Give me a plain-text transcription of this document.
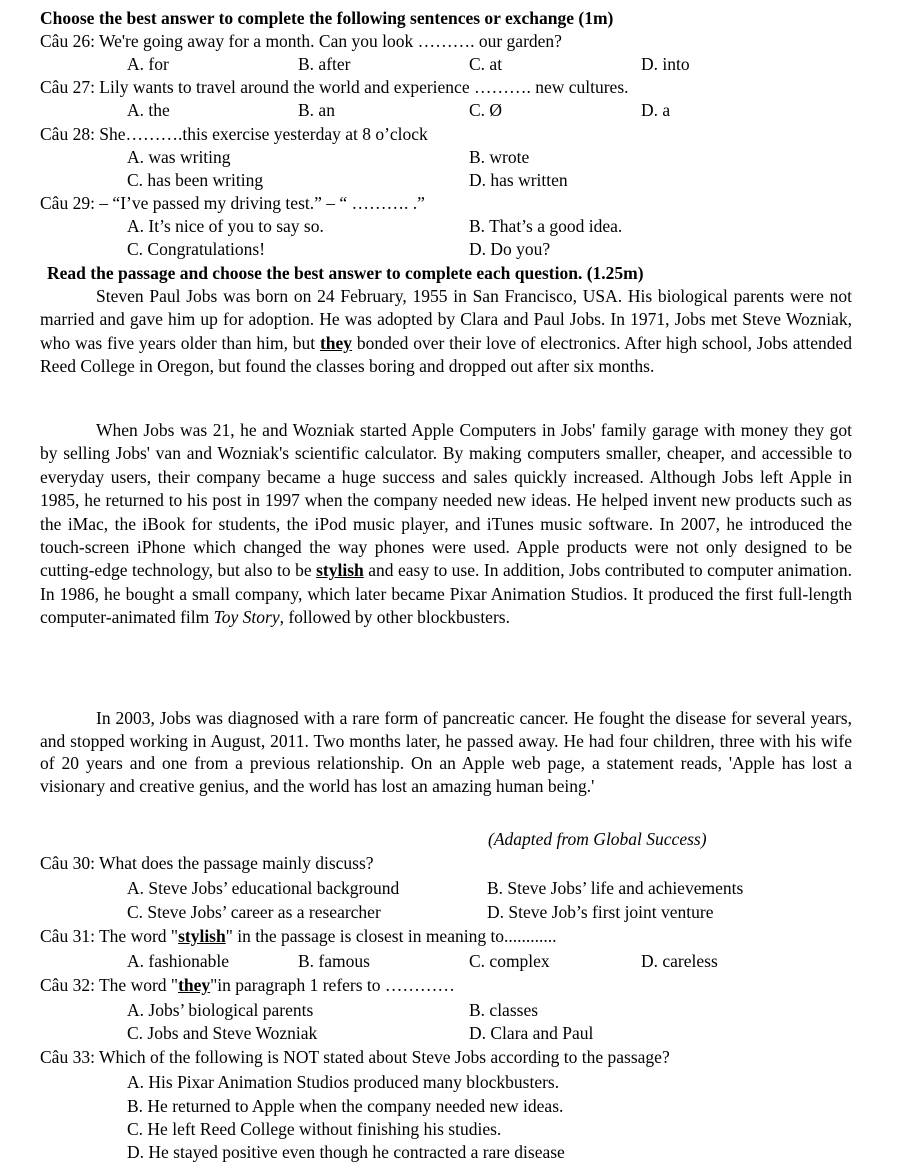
Choose the best answer to complete the following sentences or exchange (1m)
Câu 26: We're going away for a month. Can you look ………. our garden?
A. for	B. after	C. at	D. into
Câu 27: Lily wants to travel around the world and experience ………. new cultures.
A. the	B. an	C. Ø	D. a
Câu 28: She……….this exercise yesterday at 8 o’clock
A. was writing	B. wrote
C. has been writing	D. has written
Câu 29: – “I’ve passed my driving test.” – “ ………. .”
A. It’s nice of you to say so.	B. That’s a good idea.
C. Congratulations!	D. Do you?
Read the passage and choose the best answer to complete each question. (1.25m)

Steven Paul Jobs was born on 24 February, 1955 in San Francisco, USA. His biological parents were not married and gave him up for adoption. He was adopted by Clara and Paul Jobs. In 1971, Jobs met Steve Wozniak, who was five years older than him, but they bonded over their love of electronics. After high school, Jobs attended Reed College in Oregon, but found the classes boring and dropped out after six months.

When Jobs was 21, he and Wozniak started Apple Computers in Jobs' family garage with money they got by selling Jobs' van and Wozniak's scientific calculator. By making computers smaller, cheaper, and accessible to everyday users, their company became a huge success and sales quickly increased. Although Jobs left Apple in 1985, he returned to his post in 1997 when the company needed new ideas. He helped invent new products such as the iMac, the iBook for students, the iPod music player, and iTunes music software. In 2007, he introduced the touch-screen iPhone which changed the way phones were used. Apple products were not only designed to be cutting-edge technology, but also to be stylish and easy to use. In addition, Jobs contributed to computer animation. In 1986, he bought a small company, which later became Pixar Animation Studios. It produced the first full-length computer-animated film Toy Story, followed by other blockbusters.

In 2003, Jobs was diagnosed with a rare form of pancreatic cancer. He fought the disease for several years, and stopped working in August, 2011. Two months later, he passed away. He had four children, three with his wife of 20 years and one from a previous relationship. On an Apple web page, a statement reads, 'Apple has lost a visionary and creative genius, and the world has lost an amazing human being.'

(Adapted from Global Success)
Câu 30: What does the passage mainly discuss?
A. Steve Jobs’ educational background	B. Steve Jobs’ life and achievements
C. Steve Jobs’ career as a researcher	D. Steve Job’s first joint venture
Câu 31: The word "stylish" in the passage is closest in meaning to............
A. fashionable	B. famous	C. complex	D. careless
Câu 32: The word "they"in paragraph 1 refers to …………
A. Jobs’ biological parents	B. classes
C. Jobs and Steve Wozniak	D. Clara and Paul
Câu 33: Which of the following is NOT stated about Steve Jobs according to the passage?
A. His Pixar Animation Studios produced many blockbusters.
B. He returned to Apple when the company needed new ideas.
C. He left Reed College without finishing his studies.
D. He stayed positive even though he contracted a rare disease
